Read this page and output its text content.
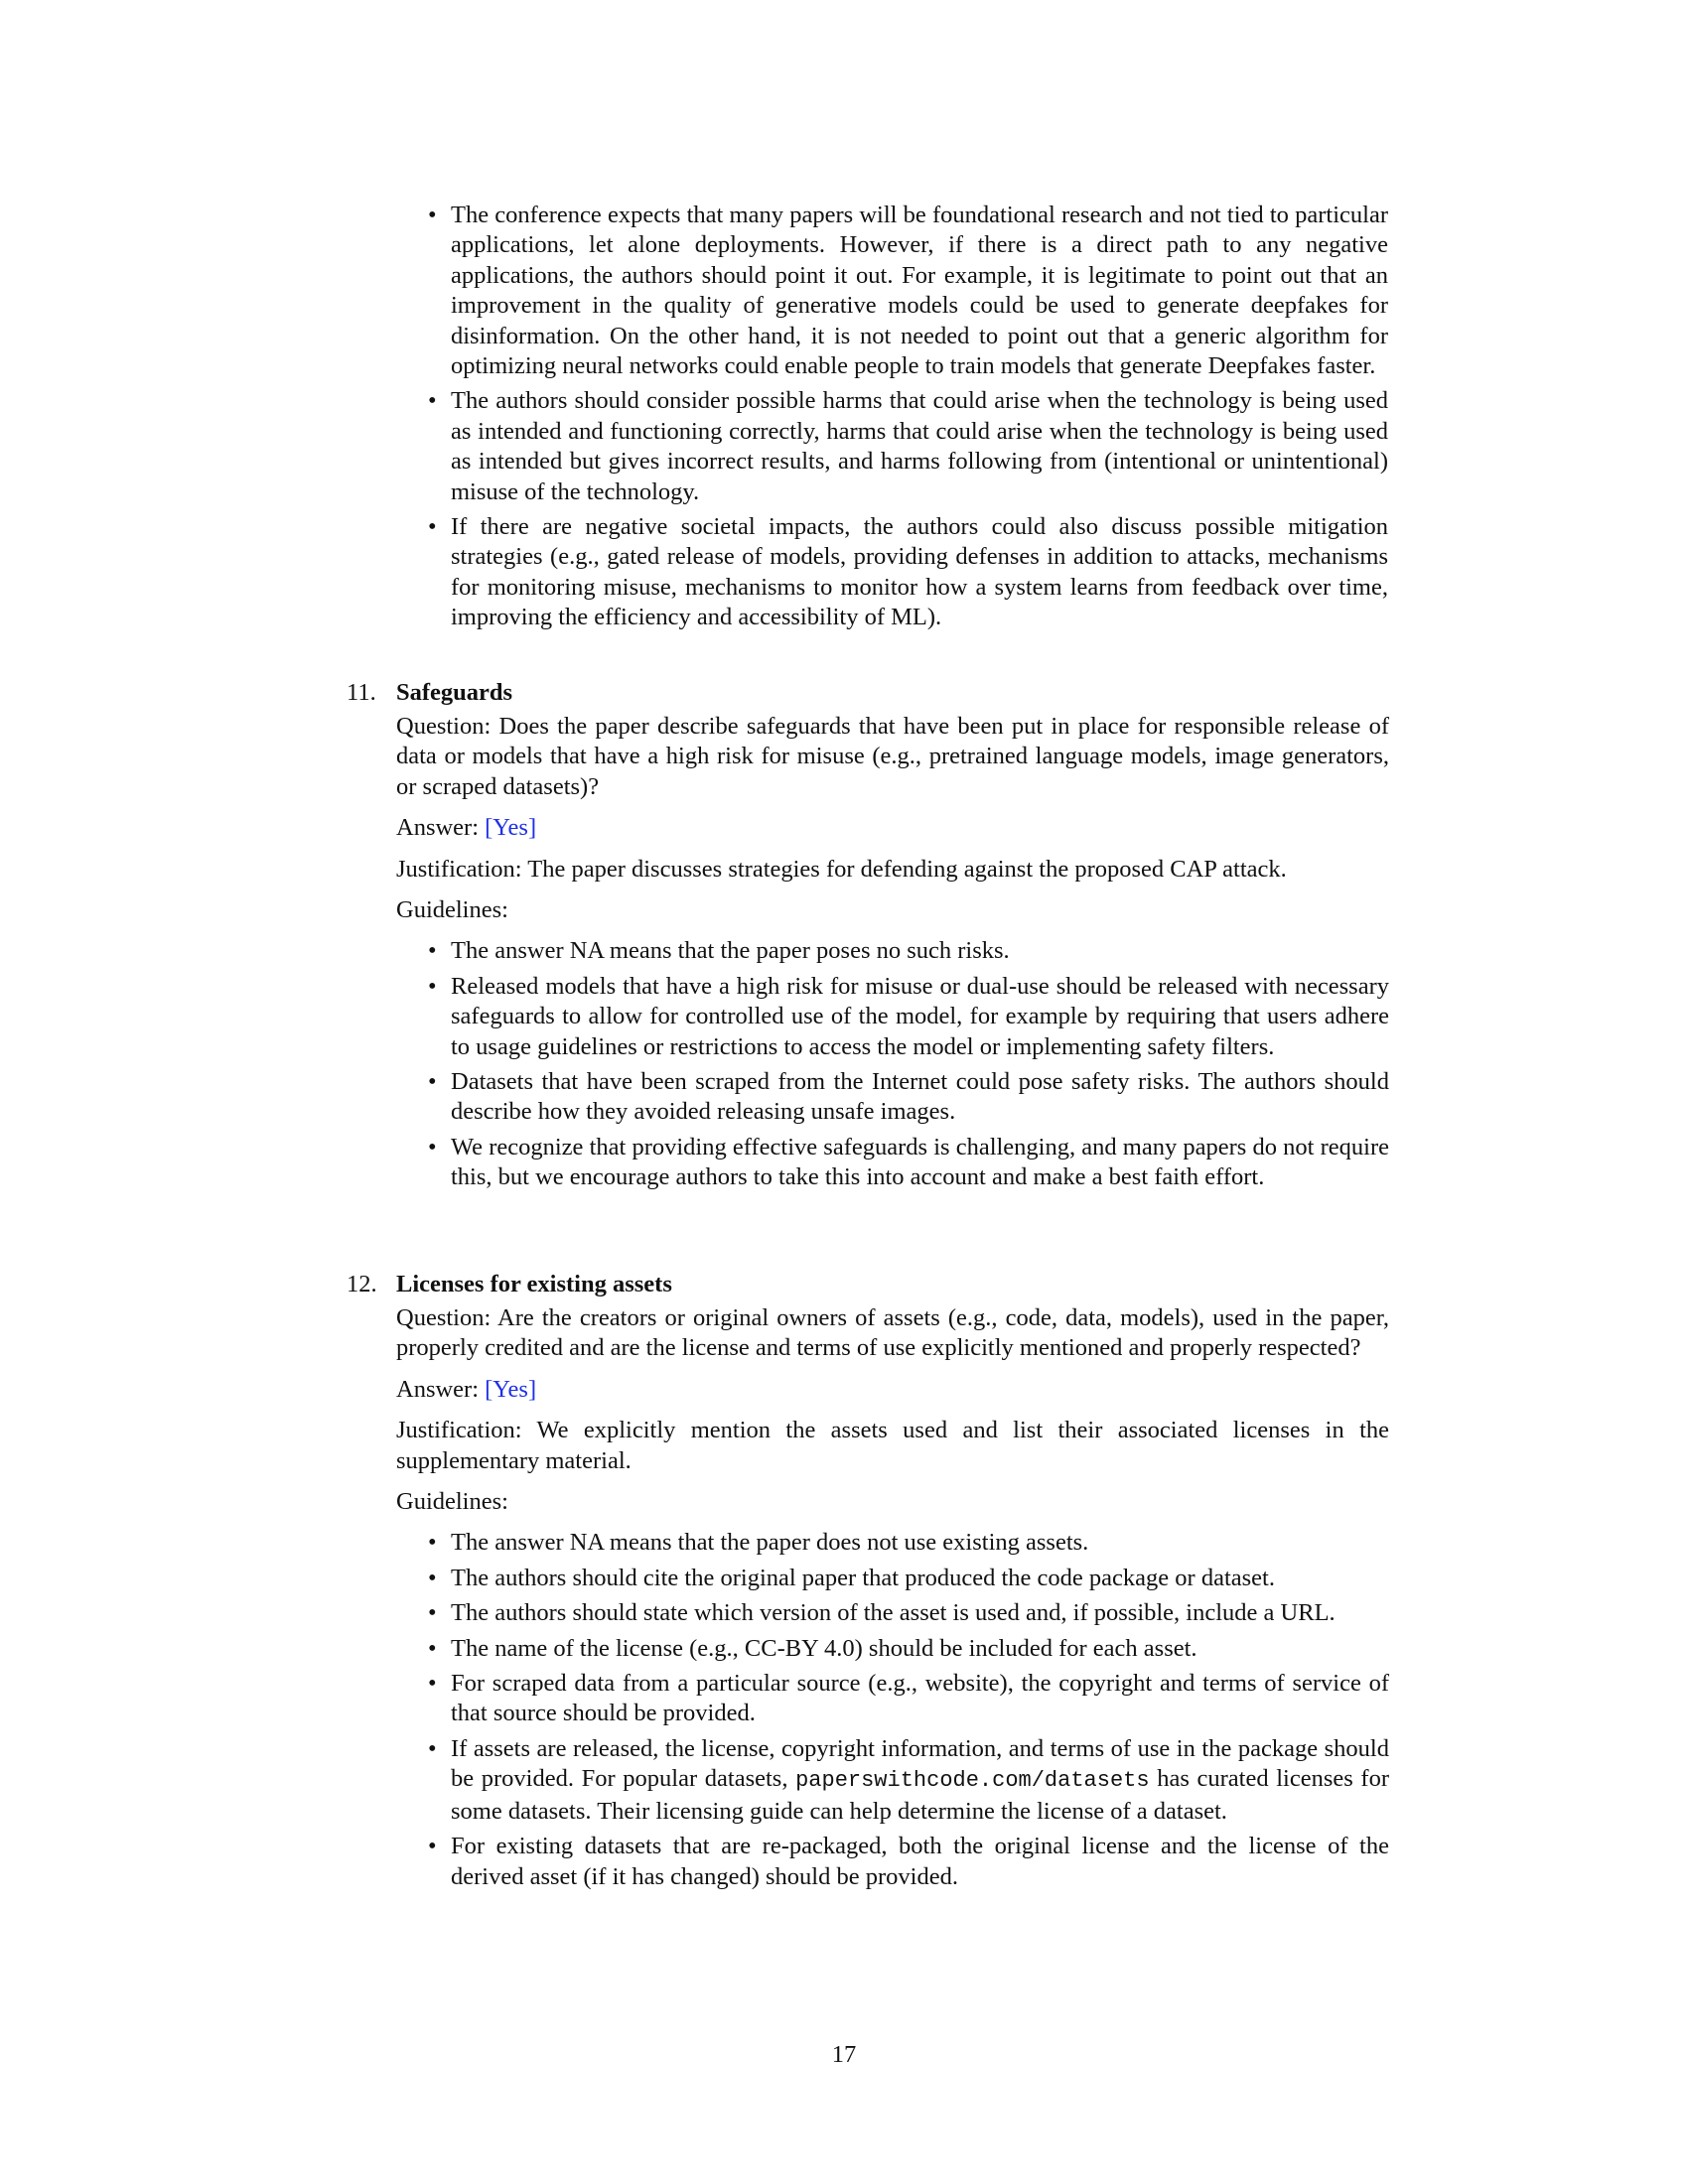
• The conference expects that many papers will be foundational research and not tied to particular applications, let alone deployments. However, if there is a direct path to any negative applications, the authors should point it out. For example, it is legitimate to point out that an improvement in the quality of generative models could be used to generate deepfakes for disinformation. On the other hand, it is not needed to point out that a generic algorithm for optimizing neural networks could enable people to train models that generate Deepfakes faster.
• The authors should consider possible harms that could arise when the technology is being used as intended and functioning correctly, harms that could arise when the technology is being used as intended but gives incorrect results, and harms following from (intentional or unintentional) misuse of the technology.
• If there are negative societal impacts, the authors could also discuss possible mitigation strategies (e.g., gated release of models, providing defenses in addition to attacks, mechanisms for monitoring misuse, mechanisms to monitor how a system learns from feedback over time, improving the efficiency and accessibility of ML).
11. Safeguards

Question: Does the paper describe safeguards that have been put in place for responsible release of data or models that have a high risk for misuse (e.g., pretrained language models, image generators, or scraped datasets)?

Answer: [Yes]

Justification: The paper discusses strategies for defending against the proposed CAP attack.

Guidelines:

• The answer NA means that the paper poses no such risks.
• Released models that have a high risk for misuse or dual-use should be released with necessary safeguards to allow for controlled use of the model, for example by requiring that users adhere to usage guidelines or restrictions to access the model or implementing safety filters.
• Datasets that have been scraped from the Internet could pose safety risks. The authors should describe how they avoided releasing unsafe images.
• We recognize that providing effective safeguards is challenging, and many papers do not require this, but we encourage authors to take this into account and make a best faith effort.
12. Licenses for existing assets

Question: Are the creators or original owners of assets (e.g., code, data, models), used in the paper, properly credited and are the license and terms of use explicitly mentioned and properly respected?

Answer: [Yes]

Justification: We explicitly mention the assets used and list their associated licenses in the supplementary material.

Guidelines:

• The answer NA means that the paper does not use existing assets.
• The authors should cite the original paper that produced the code package or dataset.
• The authors should state which version of the asset is used and, if possible, include a URL.
• The name of the license (e.g., CC-BY 4.0) should be included for each asset.
• For scraped data from a particular source (e.g., website), the copyright and terms of service of that source should be provided.
• If assets are released, the license, copyright information, and terms of use in the package should be provided. For popular datasets, paperswithcode.com/datasets has curated licenses for some datasets. Their licensing guide can help determine the license of a dataset.
• For existing datasets that are re-packaged, both the original license and the license of the derived asset (if it has changed) should be provided.
17
